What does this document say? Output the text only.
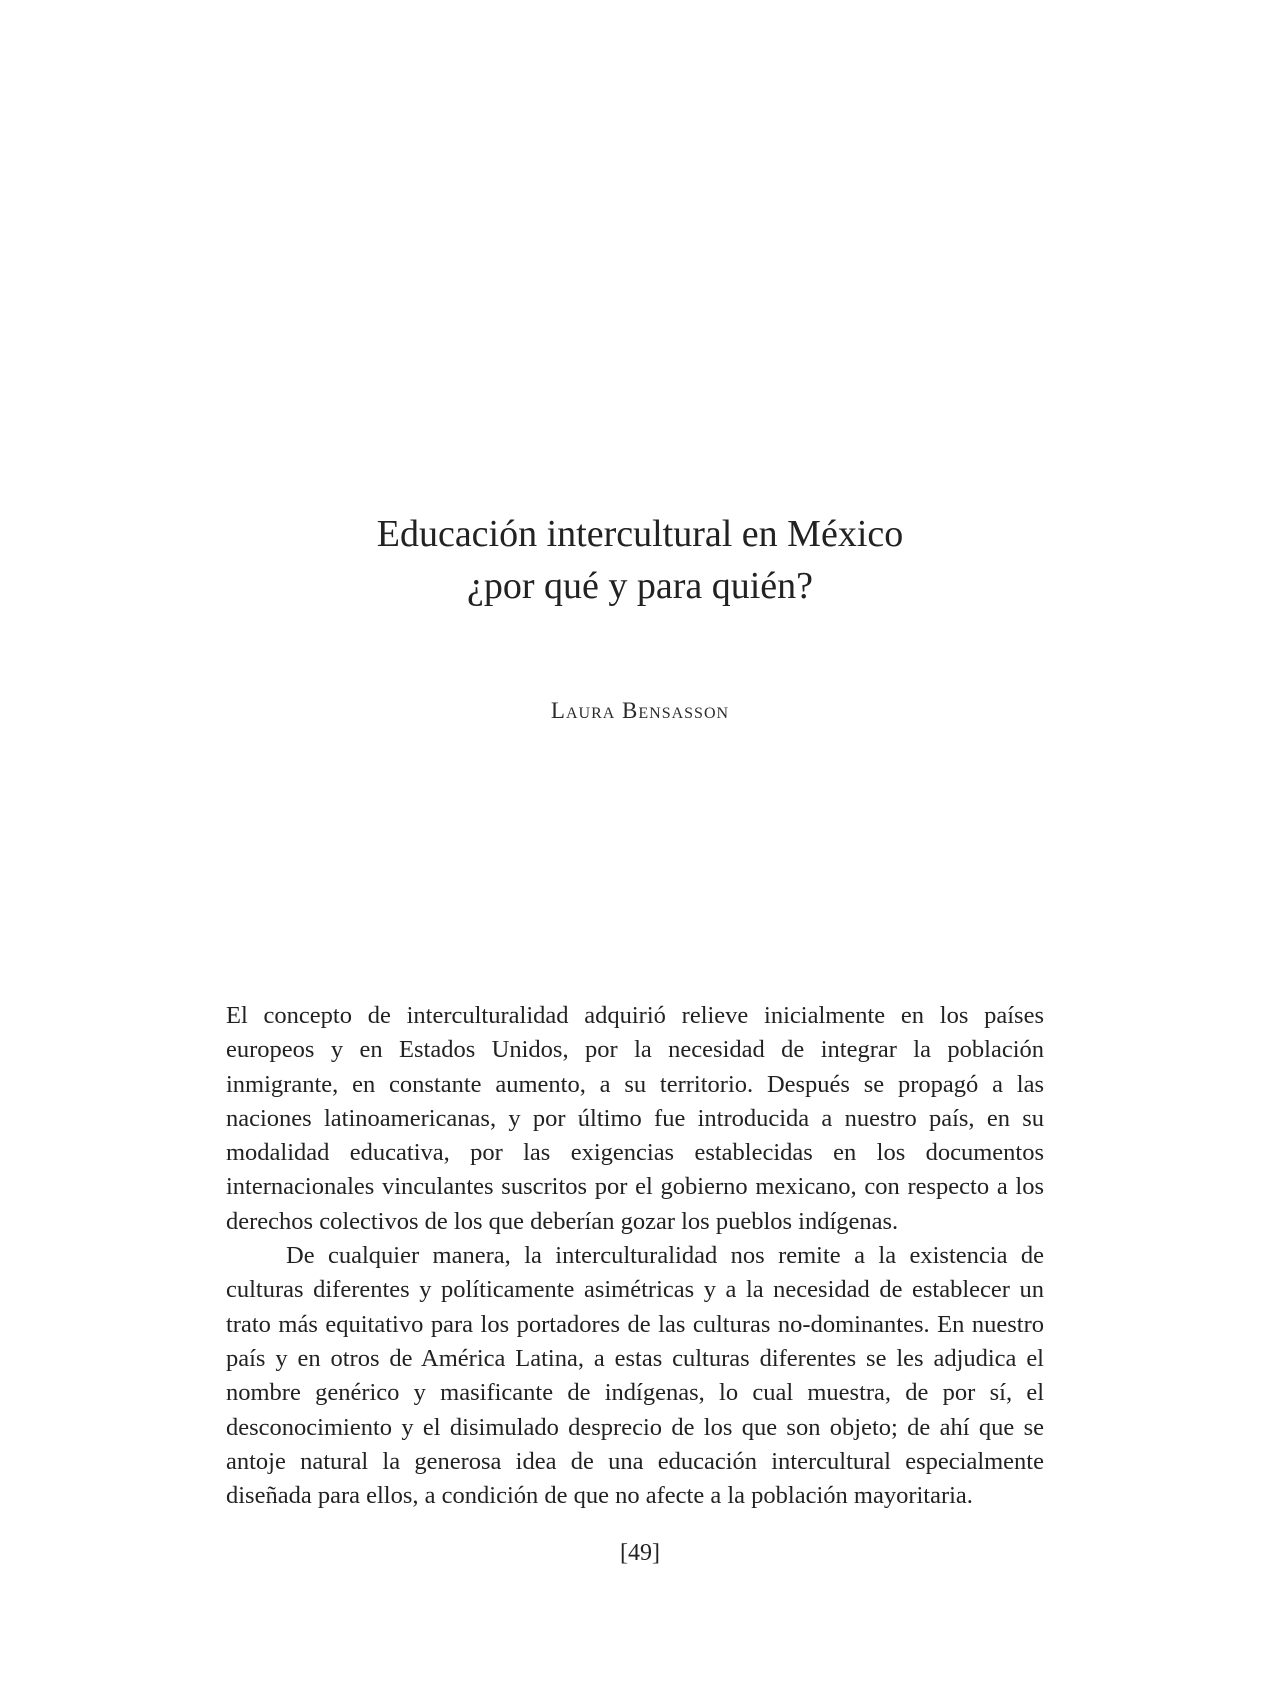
Educación intercultural en México
¿por qué y para quién?
Laura Bensasson

El concepto de interculturalidad adquirió relieve inicialmente en los países europeos y en Estados Unidos, por la necesidad de integrar la población inmigrante, en constante aumento, a su territorio. Después se propagó a las naciones latinoamericanas, y por último fue introducida a nuestro país, en su modalidad educativa, por las exigencias establecidas en los documentos internacionales vinculantes suscritos por el gobierno mexicano, con respecto a los derechos colectivos de los que deberían gozar los pueblos indígenas.

De cualquier manera, la interculturalidad nos remite a la existencia de culturas diferentes y políticamente asimétricas y a la necesidad de establecer un trato más equitativo para los portadores de las culturas no-dominantes. En nuestro país y en otros de América Latina, a estas culturas diferentes se les adjudica el nombre genérico y masificante de indígenas, lo cual muestra, de por sí, el desconocimiento y el disimulado desprecio de los que son objeto; de ahí que se antoje natural la generosa idea de una educación intercultural especialmente diseñada para ellos, a condición de que no afecte a la población mayoritaria.

[49]
